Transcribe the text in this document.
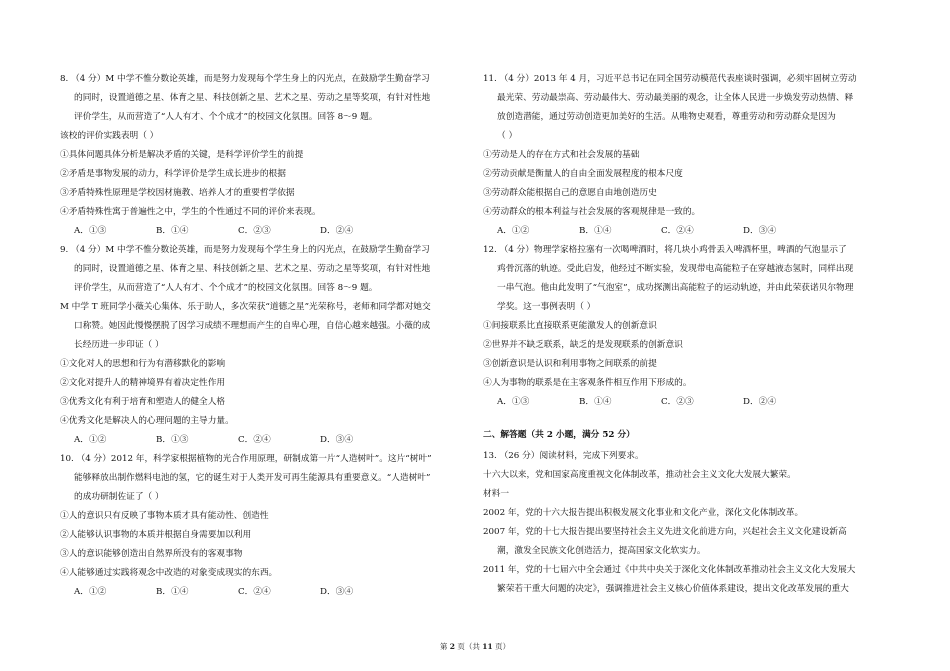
8. （4 分）M 中学不惟分数论英雄，而是努力发现每个学生身上的闪光点，在鼓励学生勤奋学习

的同时，设置道德之星、体育之星、科技创新之星、艺术之星、劳动之星等奖项，有针对性地

评价学生，从而营造了“人人有才、个个成才”的校园文化氛围。回答 8～9 题。

该校的评价实践表明（ ）

①具体问题具体分析是解决矛盾的关键，是科学评价学生的前提

②矛盾是事物发展的动力，科学评价是学生成长进步的根据

③矛盾特殊性原理是学校因材施教、培养人才的重要哲学依据

④矛盾特殊性寓于普遍性之中，学生的个性通过不同的评价来表现。

A．①③	B．①④	C．②③	D．②④

9. （4 分）M 中学不惟分数论英雄，而是努力发现每个学生身上的闪光点，在鼓励学生勤奋学习

的同时，设置道德之星、体育之星、科技创新之星、艺术之星、劳动之星等奖项，有针对性地

评价学生，从而营造了“人人有才、个个成才”的校园文化氛围。回答 8～9 题。

M 中学 T 班同学小薇关心集体、乐于助人，多次荣获“道德之星”光荣称号，老师和同学都对她交

口称赞。她因此慢慢摆脱了因学习成绩不理想而产生的自卑心理，自信心越来越强。小薇的成

长经历进一步印证（ ）

①文化对人的思想和行为有潜移默化的影响

②文化对提升人的精神境界有着决定性作用

③优秀文化有利于培育和塑造人的健全人格

④优秀文化是解决人的心理问题的主导力量。

A．①②	B．①③	C．②④	D．③④

10. （4 分）2012 年，科学家根据植物的光合作用原理，研制成第一片“人造树叶”。这片“树叶”

能够释放出制作燃料电池的氢，它的诞生对于人类开发可再生能源具有重要意义。“人造树叶”

的成功研制佐证了（ ）

①人的意识只有反映了事物本质才具有能动性、创造性

②人能够认识事物的本质并根据自身需要加以利用

③人的意识能够创造出自然界所没有的客观事物

④人能够通过实践将观念中改造的对象变成现实的东西。

A．①②	B．①④	C．②④	D．③④

11. （4 分）2013 年 4 月，习近平总书记在同全国劳动模范代表座谈时强调，必须牢固树立劳动

最光荣、劳动最崇高、劳动最伟大、劳动最美丽的观念，让全体人民进一步焕发劳动热情、释

放创造潜能，通过劳动创造更加美好的生活。从唯物史观看，尊重劳动和劳动群众是因为

（ ）

①劳动是人的存在方式和社会发展的基础

②劳动贡献是衡量人的自由全面发展程度的根本尺度

③劳动群众能根据自己的意愿自由地创造历史

④劳动群众的根本利益与社会发展的客观规律是一致的。

A．①②	B．①④	C．②④	D．③④

12. （4 分）物理学家格拉塞有一次喝啤酒时，将几块小鸡骨丢入啤酒杯里，啤酒的气泡显示了

鸡骨沉落的轨迹。受此启发，他经过不断实验，发现带电高能粒子在穿越液态氢时，同样出现

一串气泡。他由此发明了“气泡室”，成功探测出高能粒子的运动轨迹，并由此荣获诺贝尔物理

学奖。这一事例表明（ ）

①间接联系比直接联系更能激发人的创新意识

②世界并不缺乏联系，缺乏的是发现联系的创新意识

③创新意识是认识和利用事物之间联系的前提

④人为事物的联系是在主客观条件相互作用下形成的。

A．①③	B．①④	C．②③	D．②④

二、解答题（共 2 小题，满分 52 分）

13. （26 分）阅读材料，完成下列要求。

十六大以来，党和国家高度重视文化体制改革，推动社会主义文化大发展大繁荣。

材料一

2002 年，党的十六大报告提出积极发展文化事业和文化产业，深化文化体制改革。

2007 年，党的十七大报告提出要坚持社会主义先进文化前进方向，兴起社会主义文化建设新高

潮，激发全民族文化创造活力，提高国家文化软实力。

2011 年，党的十七届六中全会通过《中共中央关于深化文化体制改革推动社会主义文化大发展大

繁荣若干重大问题的决定》，强调推进社会主义核心价值体系建设，提出文化改革发展的重大

第 2 页（共 11 页）
